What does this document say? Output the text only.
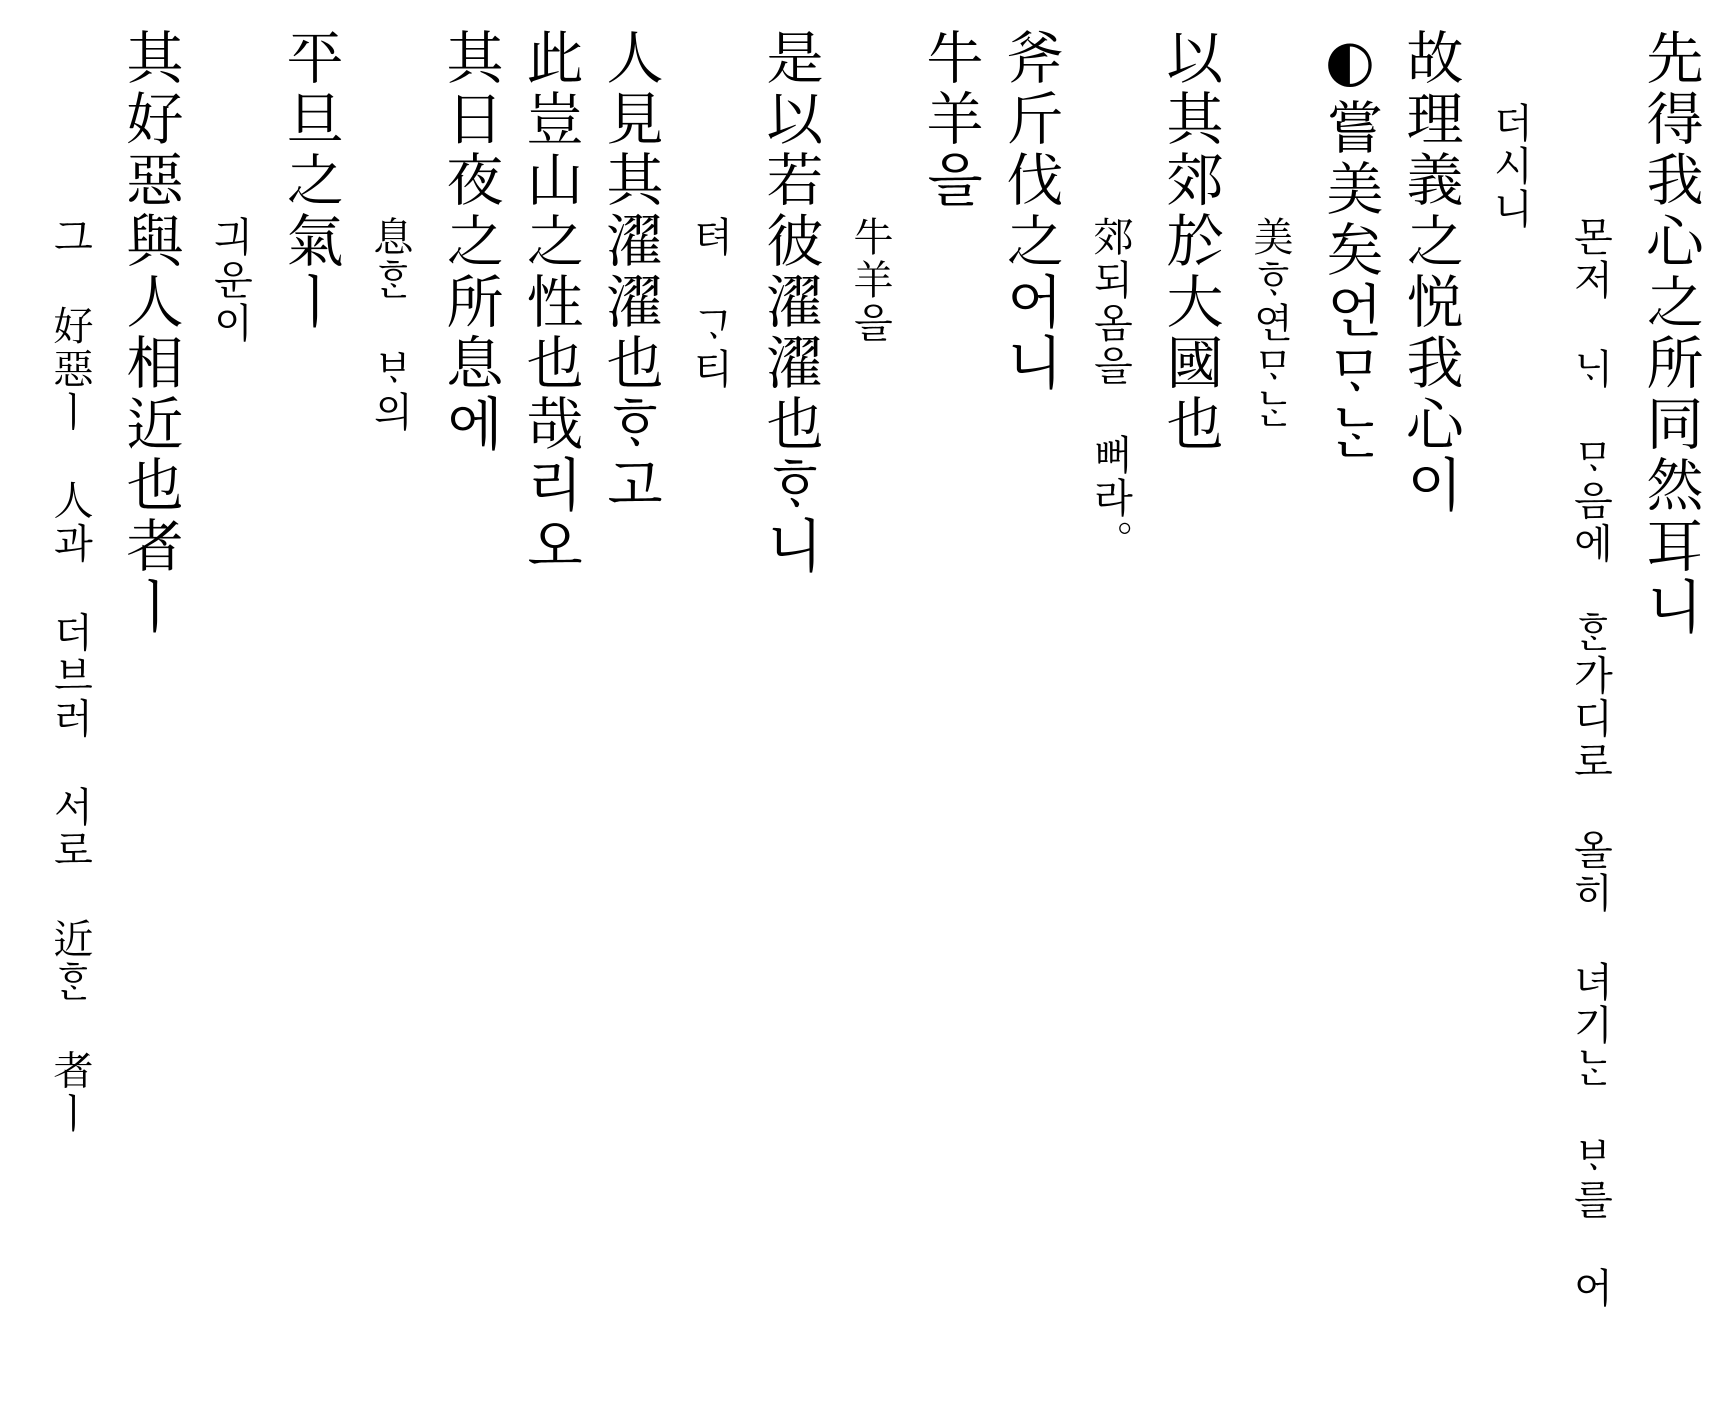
先得我心之所同然耳니
몬저 ᄂᆡ ᄆᆞ음에 ᄒᆞᆫ가디로 올히 녀기ᄂᆞᆫ ᄇᆞ를 어
더시니
故理義之悦我心이
◐嘗美矣언ᄆᆞᄂᆞᆫ
美ᄒᆞ연ᄆᆞᄂᆞᆫ
以其郊於大國也
郊되옴을 뻐라。
斧斤伐之어니
牛羊을
牛羊을
是以若彼濯濯也ᄒᆞ니
텨 ᄀᆞ티
人見其濯濯也ᄒᆞ고
此豈山之性也哉리오
其日夜之所息에
息ᄒᆞᆫ ᄇᆞ의
平旦之氣ㅣ
긔운이
其好惡與人相近也者ㅣ
그 好惡ㅣ 人과 더브러 서로 近ᄒᆞᆫ 者ㅣ
